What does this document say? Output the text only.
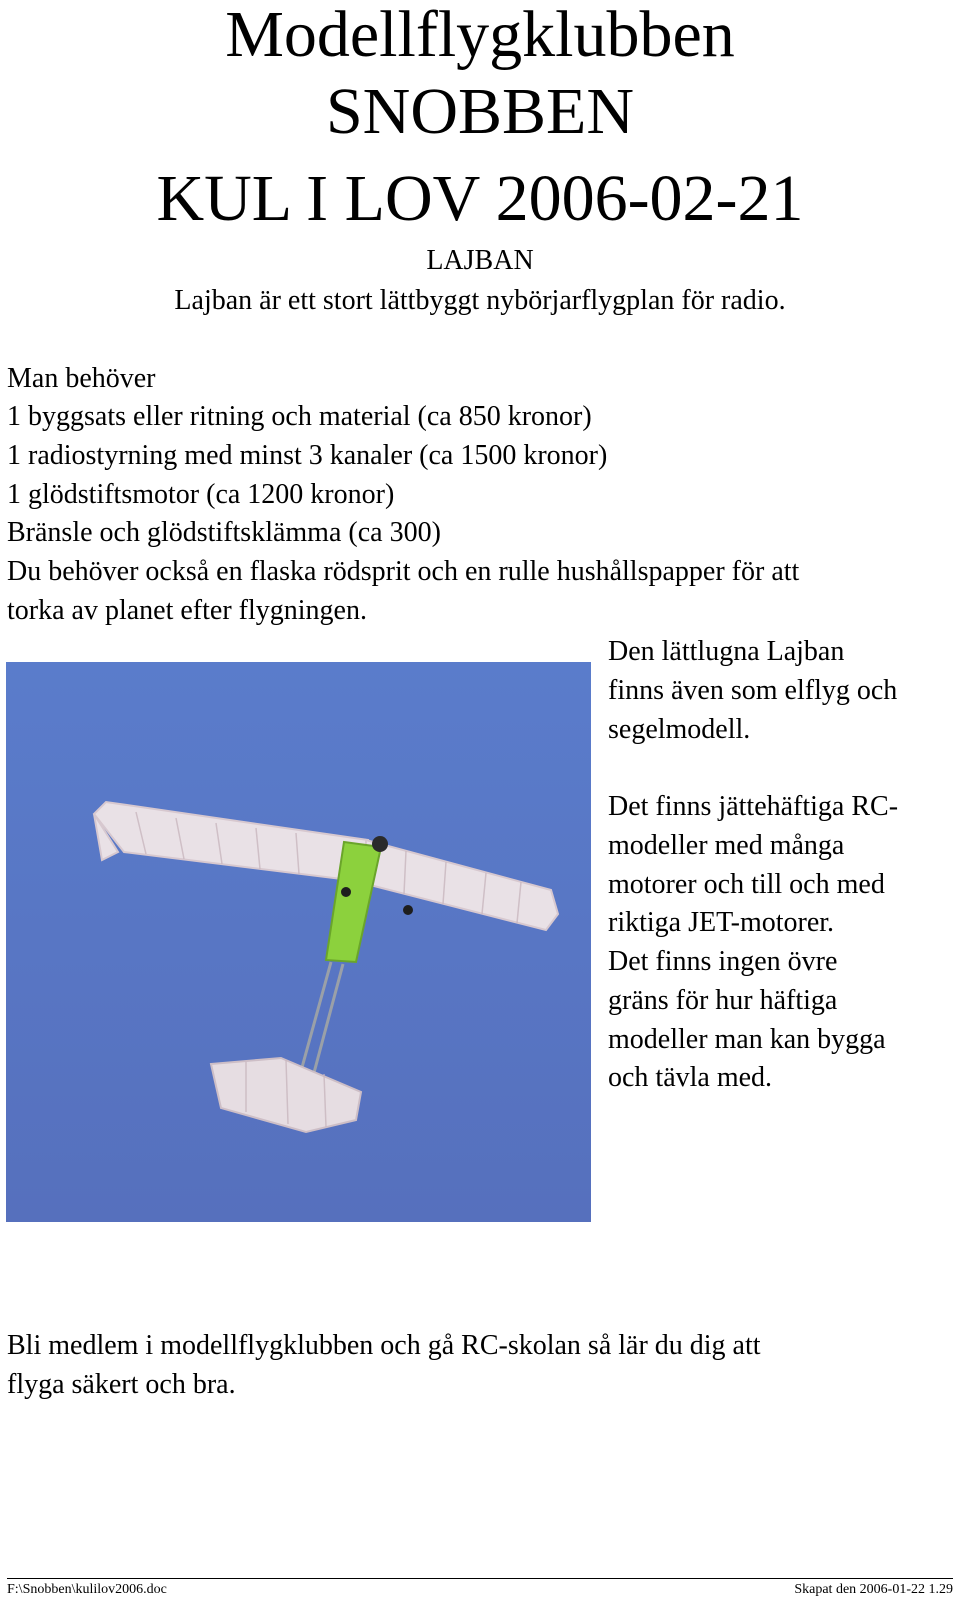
Modellflygklubben
SNOBBEN
KUL I LOV 2006-02-21
LAJBAN
Lajban är ett stort lättbyggt nybörjarflygplan för radio.
Man behöver
1 byggsats eller ritning och material (ca 850 kronor)
1 radiostyrning med minst 3 kanaler (ca 1500 kronor)
1 glödstiftsmotor (ca 1200 kronor)
Bränsle och glödstiftsklämma (ca 300)
Du behöver också en flaska rödsprit och en rulle hushållspapper för att
torka av planet efter flygningen.
Den lättlugna Lajban
finns även som elflyg och
segelmodell.
Det finns jättehäftiga RC-
modeller med många
motorer och till och med
riktiga JET-motorer.
Det finns ingen övre
gräns för hur häftiga
modeller man kan bygga
och tävla med.
Bli medlem i modellflygklubben och gå RC-skolan så lär du dig att
flyga säkert och bra.
F:\Snobben\kulilov2006.doc	Skapat den 2006-01-22 1.29
